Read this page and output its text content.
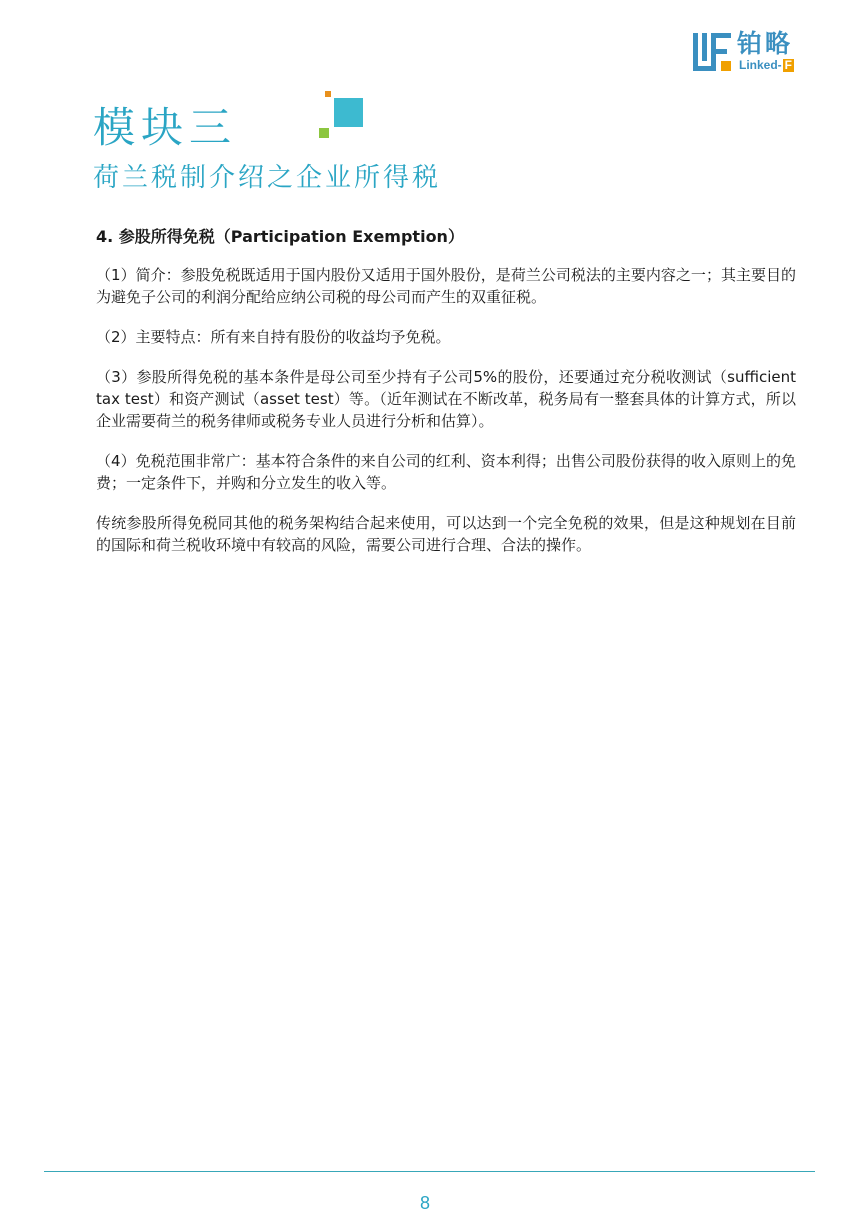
铂略
Linked- F
模块三
荷兰税制介绍之企业所得税

4. 参股所得免税（Participation Exemption）

（1）简介：参股免税既适用于国内股份又适用于国外股份，是荷兰公司税法的主要内容之一；其主要目的为避免子公司的利润分配给应纳公司税的母公司而产生的双重征税。

（2）主要特点：所有来自持有股份的收益均予免税。

（3）参股所得免税的基本条件是母公司至少持有子公司5%的股份，还要通过充分税收测试（sufficient tax test）和资产测试（asset test）等。（近年测试在不断改革，税务局有一整套具体的计算方式，所以企业需要荷兰的税务律师或税务专业人员进行分析和估算）。

（4）免税范围非常广：基本符合条件的来自公司的红利、资本利得；出售公司股份获得的收入原则上的免费；一定条件下，并购和分立发生的收入等。

传统参股所得免税同其他的税务架构结合起来使用，可以达到一个完全免税的效果，但是这种规划在目前的国际和荷兰税收环境中有较高的风险，需要公司进行合理、合法的操作。

8
